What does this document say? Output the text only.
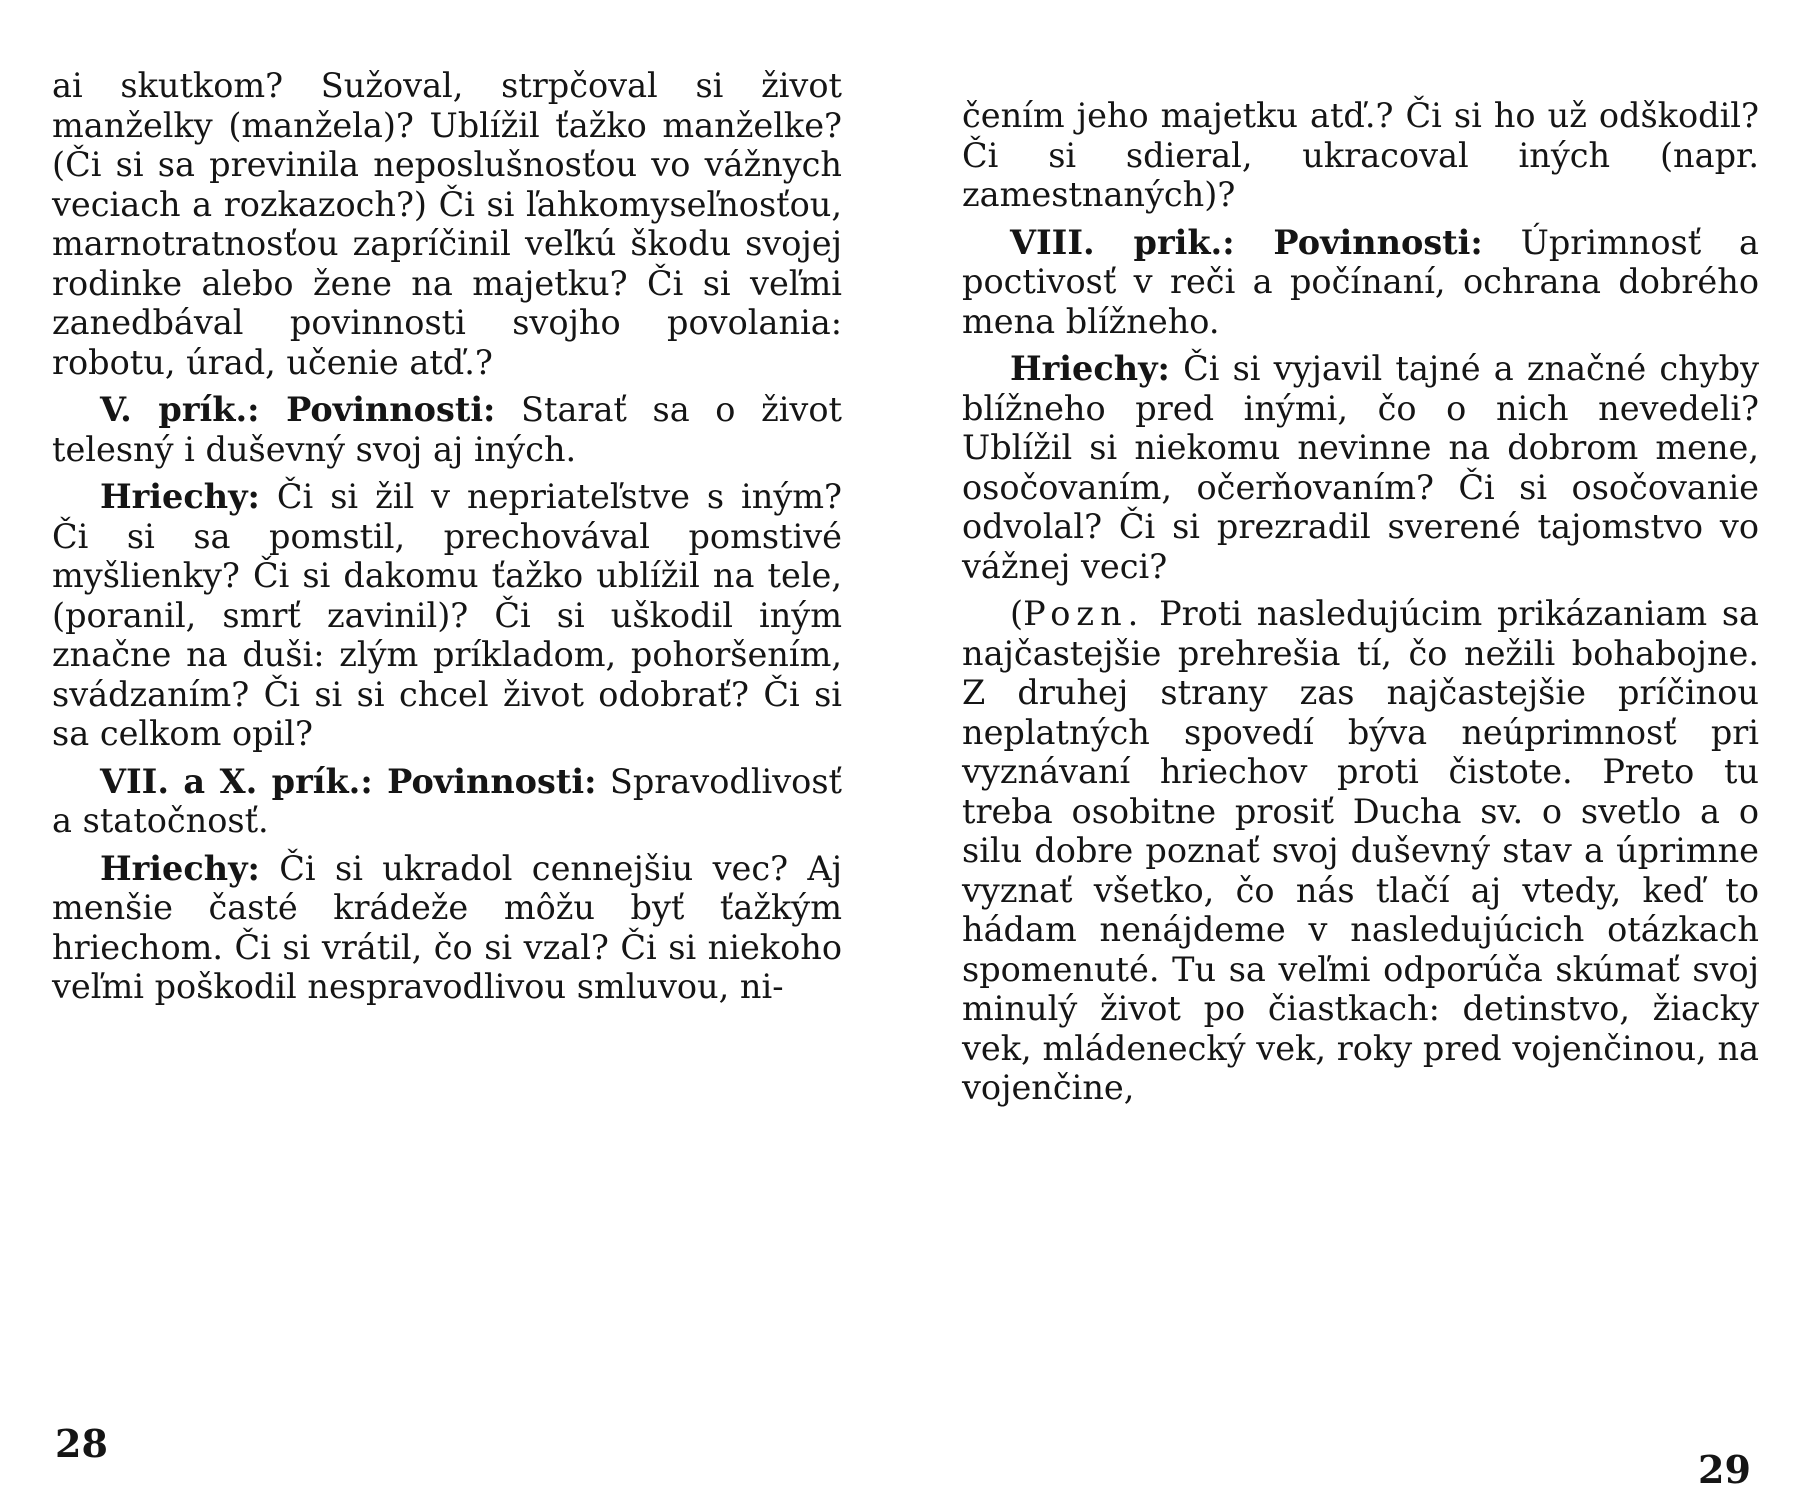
ai skutkom? Sužoval, strpčoval si život manželky (manžela)? Ublížil ťažko manželke? (Či si sa previnila neposlušnosťou vo vážnych veciach a rozkazoch?) Či si ľahkomyseľnosťou, marnotratnosťou zapríčinil veľkú škodu svojej rodinke alebo žene na majetku? Či si veľmi zanedbával povinnosti svojho povolania: robotu, úrad, učenie atď.?

V. prík.: Povinnosti: Starať sa o život telesný i duševný svoj aj iných.

Hriechy: Či si žil v nepriateľstve s iným? Či si sa pomstil, prechovával pomstivé myšlienky? Či si dakomu ťažko ublížil na tele, (poranil, smrť zavinil)? Či si uškodil iným značne na duši: zlým príkladom, pohoršením, svádzaním? Či si si chcel život odobrať? Či si sa celkom opil?

VII. a X. prík.: Povinnosti: Spravodlivosť a statočnosť.

Hriechy: Či si ukradol cennejšiu vec? Aj menšie časté krádeže môžu byť ťažkým hriechom. Či si vrátil, čo si vzal? Či si niekoho veľmi poškodil nespravodlivou smluvou, ni-

28

čením jeho majetku atď.? Či si ho už odškodil? Či si sdieral, ukracoval iných (napr. zamestnaných)?

VIII. prik.: Povinnosti: Úprimnosť a poctivosť v reči a počínaní, ochrana dobrého mena blížneho.

Hriechy: Či si vyjavil tajné a značné chyby blížneho pred inými, čo o nich nevedeli? Ublížil si niekomu nevinne na dobrom mene, osočovaním, očerňovaním? Či si osočovanie odvolal? Či si prezradil sverené tajomstvo vo vážnej veci?

(Pozn. Proti nasledujúcim prikázaniam sa najčastejšie prehrešia tí, čo nežili bohabojne. Z druhej strany zas najčastejšie príčinou neplatných spovedí býva neúprimnosť pri vyznávaní hriechov proti čistote. Preto tu treba osobitne prosiť Ducha sv. o svetlo a o silu dobre poznať svoj duševný stav a úprimne vyznať všetko, čo nás tlačí aj vtedy, keď to hádam nenájdeme v nasledujúcich otázkach spomenuté. Tu sa veľmi odporúča skúmať svoj minulý život po čiastkach: detinstvo, žiacky vek, mládenecký vek, roky pred vojenčinou, na vojenčine,

29
